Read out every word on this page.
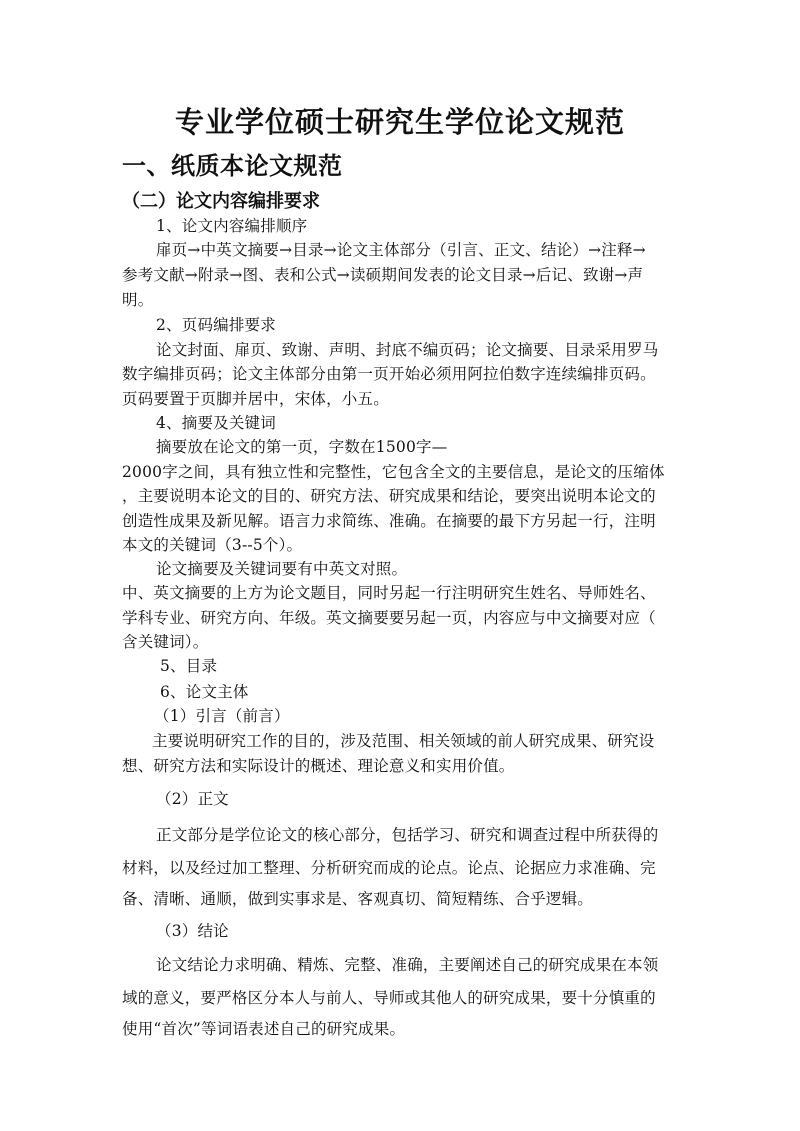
专业学位硕士研究生学位论文规范
一、纸质本论文规范
（二）论文内容编排要求
1、论文内容编排顺序
扉页→中英文摘要→目录→论文主体部分（引言、正文、结论）→注释→
参考文献→附录→图、表和公式→读硕期间发表的论文目录→后记、致谢→声
明。
2、页码编排要求
论文封面、扉页、致谢、声明、封底不编页码；论文摘要、目录采用罗马
数字编排页码；论文主体部分由第一页开始必须用阿拉伯数字连续编排页码。
页码要置于页脚并居中，宋体，小五。
4、摘要及关键词
摘要放在论文的第一页，字数在1500字—
2000字之间，具有独立性和完整性，它包含全文的主要信息，是论文的压缩体
，主要说明本论文的目的、研究方法、研究成果和结论，要突出说明本论文的
创造性成果及新见解。语言力求简练、准确。在摘要的最下方另起一行，注明
本文的关键词（3--5个）。
论文摘要及关键词要有中英文对照。
中、英文摘要的上方为论文题目，同时另起一行注明研究生姓名、导师姓名、
学科专业、研究方向、年级。英文摘要要另起一页，内容应与中文摘要对应（
含关键词）。
5、目录
6、论文主体
（1）引言（前言）
主要说明研究工作的目的，涉及范围、相关领域的前人研究成果、研究设
想、研究方法和实际设计的概述、理论意义和实用价值。
（2）正文
正文部分是学位论文的核心部分，包括学习、研究和调查过程中所获得的
材料，以及经过加工整理、分析研究而成的论点。论点、论据应力求准确、完
备、清晰、通顺，做到实事求是、客观真切、简短精练、合乎逻辑。
（3）结论
论文结论力求明确、精炼、完整、准确，主要阐述自己的研究成果在本领
域的意义，要严格区分本人与前人、导师或其他人的研究成果，要十分慎重的
使用“首次”等词语表述自己的研究成果。
